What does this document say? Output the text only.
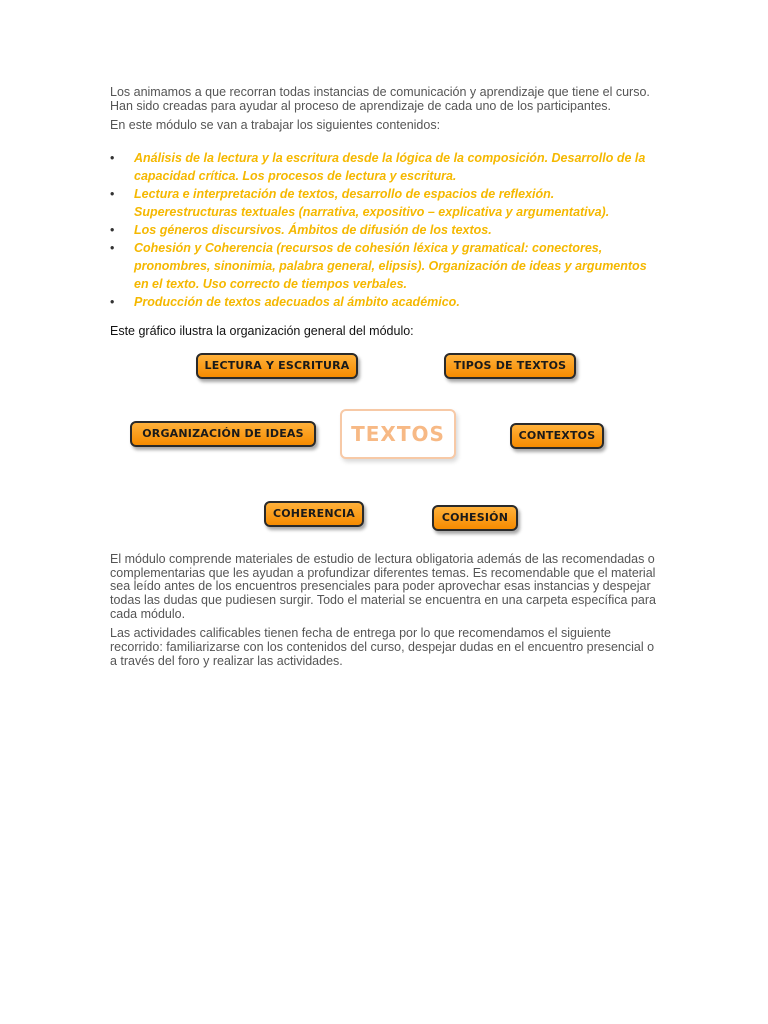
Los animamos a que recorran todas instancias de comunicación y aprendizaje que tiene el curso. Han sido creadas para ayudar al proceso de aprendizaje de cada uno de los participantes.

En este módulo se van a trabajar los siguientes contenidos:

• Análisis de la lectura y la escritura desde la lógica de la composición. Desarrollo de la capacidad crítica. Los procesos de lectura y escritura.
• Lectura e interpretación de textos, desarrollo de espacios de reflexión. Superestructuras textuales (narrativa, expositivo – explicativa y argumentativa).
• Los géneros discursivos. Ámbitos de difusión de los textos.
• Cohesión y Coherencia (recursos de cohesión léxica y gramatical: conectores, pronombres, sinonimia, palabra general, elipsis). Organización de ideas y argumentos en el texto. Uso correcto de tiempos verbales.
• Producción de textos adecuados al ámbito académico.

Este gráfico ilustra la organización general del módulo:

LECTURA Y ESCRITURA	TIPOS DE TEXTOS
ORGANIZACIÓN DE IDEAS	TEXTOS	CONTEXTOS
COHERENCIA	COHESIÓN

El módulo comprende materiales de estudio de lectura obligatoria además de las recomendadas o complementarias que les ayudan a profundizar diferentes temas. Es recomendable que el material sea leído antes de los encuentros presenciales para poder aprovechar esas instancias y despejar todas las dudas que pudiesen surgir. Todo el material se encuentra en una carpeta específica para cada módulo.

Las actividades calificables tienen fecha de entrega por lo que recomendamos el siguiente recorrido: familiarizarse con los contenidos del curso, despejar dudas en el encuentro presencial o a través del foro y realizar las actividades.
